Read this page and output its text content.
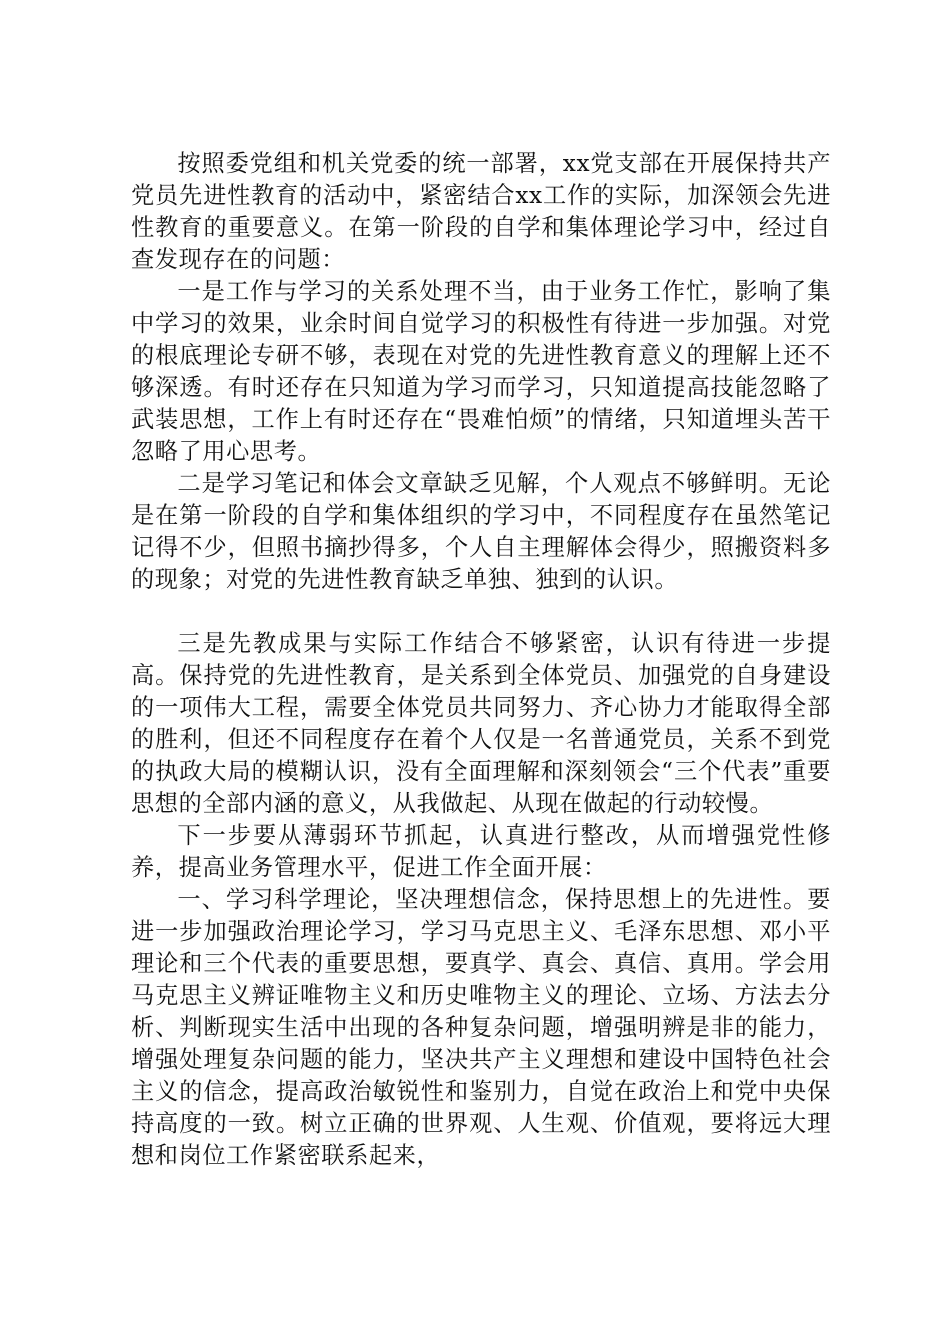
按照委党组和机关党委的统一部署，xx党支部在开展保持共产党员先进性教育的活动中，紧密结合xx工作的实际，加深领会先进性教育的重要意义。在第一阶段的自学和集体理论学习中，经过自查发现存在的问题：

一是工作与学习的关系处理不当，由于业务工作忙，影响了集中学习的效果，业余时间自觉学习的积极性有待进一步加强。对党的根底理论专研不够，表现在对党的先进性教育意义的理解上还不够深透。有时还存在只知道为学习而学习，只知道提高技能忽略了武装思想，工作上有时还存在“畏难怕烦”的情绪，只知道埋头苦干忽略了用心思考。

二是学习笔记和体会文章缺乏见解，个人观点不够鲜明。无论是在第一阶段的自学和集体组织的学习中，不同程度存在虽然笔记记得不少，但照书摘抄得多，个人自主理解体会得少，照搬资料多的现象；对党的先进性教育缺乏单独、独到的认识。

三是先教成果与实际工作结合不够紧密，认识有待进一步提高。保持党的先进性教育，是关系到全体党员、加强党的自身建设的一项伟大工程，需要全体党员共同努力、齐心协力才能取得全部的胜利，但还不同程度存在着个人仅是一名普通党员，关系不到党的执政大局的模糊认识，没有全面理解和深刻领会“三个代表”重要思想的全部内涵的意义，从我做起、从现在做起的行动较慢。

下一步要从薄弱环节抓起，认真进行整改，从而增强党性修养，提高业务管理水平，促进工作全面开展：

一、学习科学理论，坚决理想信念，保持思想上的先进性。要进一步加强政治理论学习，学习马克思主义、毛泽东思想、邓小平理论和三个代表的重要思想，要真学、真会、真信、真用。学会用马克思主义辨证唯物主义和历史唯物主义的理论、立场、方法去分析、判断现实生活中出现的各种复杂问题，增强明辨是非的能力，增强处理复杂问题的能力，坚决共产主义理想和建设中国特色社会主义的信念，提高政治敏锐性和鉴别力，自觉在政治上和党中央保持高度的一致。树立正确的世界观、人生观、价值观，要将远大理想和岗位工作紧密联系起来，
